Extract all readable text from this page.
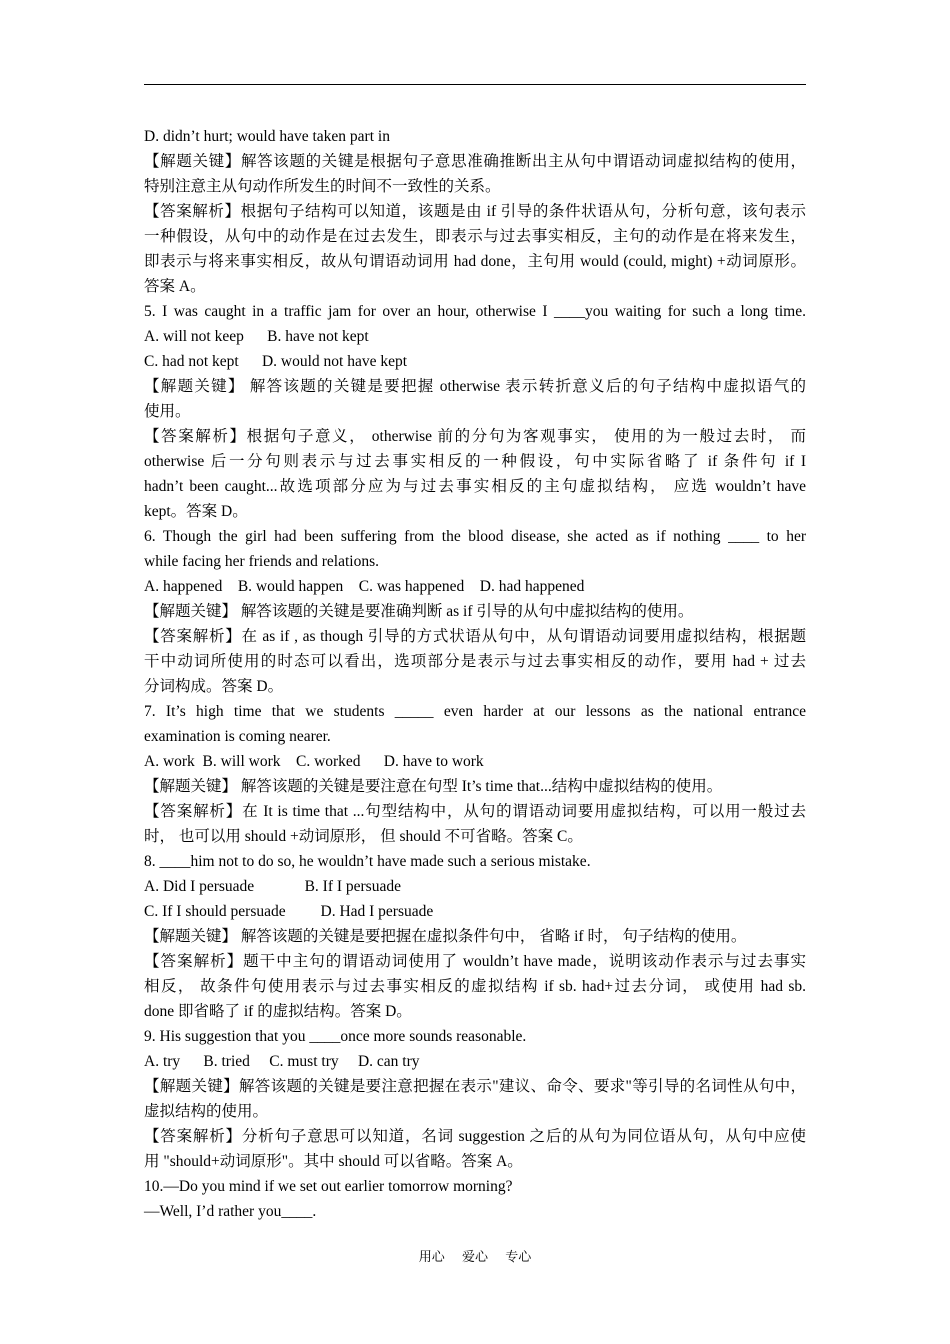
D. didn’t hurt; would have taken part in
【解题关键】解答该题的关键是根据句子意思准确推断出主从句中谓语动词虚拟结构的使用，
特别注意主从句动作所发生的时间不一致性的关系。
【答案解析】根据句子结构可以知道，该题是由 if 引导的条件状语从句，分析句意，该句表示
一种假设，从句中的动作是在过去发生，即表示与过去事实相反，主句的动作是在将来发生，
即表示与将来事实相反，故从句谓语动词用 had done，主句用 would (could, might) +动词原形。
答案 A。
5. I was caught in a traffic jam for over an hour, otherwise I ____you waiting for such a long time.
A. will not keep      B. have not kept
C. had not kept      D. would not have kept
【解题关键】 解答该题的关键是要把握 otherwise 表示转折意义后的句子结构中虚拟语气的
使用。
【答案解析】根据句子意义， otherwise 前的分句为客观事实， 使用的为一般过去时， 而
otherwise 后一分句则表示与过去事实相反的一种假设，句中实际省略了 if 条件句 if I
hadn’t been caught...故选项部分应为与过去事实相反的主句虚拟结构， 应选 wouldn’t have
kept。答案 D。
6. Though the girl had been suffering from the blood disease, she acted as if nothing ____ to her
while facing her friends and relations.
A. happened    B. would happen    C. was happened    D. had happened
【解题关键】 解答该题的关键是要准确判断 as if 引导的从句中虚拟结构的使用。
【答案解析】在 as if , as though 引导的方式状语从句中，从句谓语动词要用虚拟结构，根据题
干中动词所使用的时态可以看出，选项部分是表示与过去事实相反的动作，要用 had + 过去
分词构成。答案 D。
7. It’s high time that we students _____ even harder at our lessons as the national entrance
examination is coming nearer.
A. work  B. will work    C. worked      D. have to work
【解题关键】 解答该题的关键是要注意在句型 It’s time that...结构中虚拟结构的使用。
【答案解析】在 It is time that ...句型结构中，从句的谓语动词要用虚拟结构，可以用一般过去
时， 也可以用 should +动词原形， 但 should 不可省略。答案 C。
8. ____him not to do so, he wouldn’t have made such a serious mistake.
A. Did I persuade             B. If I persuade
C. If I should persuade         D. Had I persuade
【解题关键】 解答该题的关键是要把握在虚拟条件句中， 省略 if 时， 句子结构的使用。
【答案解析】题干中主句的谓语动词使用了 wouldn’t have made，说明该动作表示与过去事实
相反， 故条件句使用表示与过去事实相反的虚拟结构 if sb. had+过去分词， 或使用 had sb.
done 即省略了 if 的虚拟结构。答案 D。
9. His suggestion that you ____once more sounds reasonable.
A. try      B. tried     C. must try     D. can try
【解题关键】解答该题的关键是要注意把握在表示"建议、命令、要求"等引导的名词性从句中，
虚拟结构的使用。
【答案解析】分析句子意思可以知道，名词 suggestion 之后的从句为同位语从句，从句中应使
用 "should+动词原形"。其中 should 可以省略。答案 A。
10.—Do you mind if we set out earlier tomorrow morning?
—Well, I’d rather you____.
用心 爱心 专心
